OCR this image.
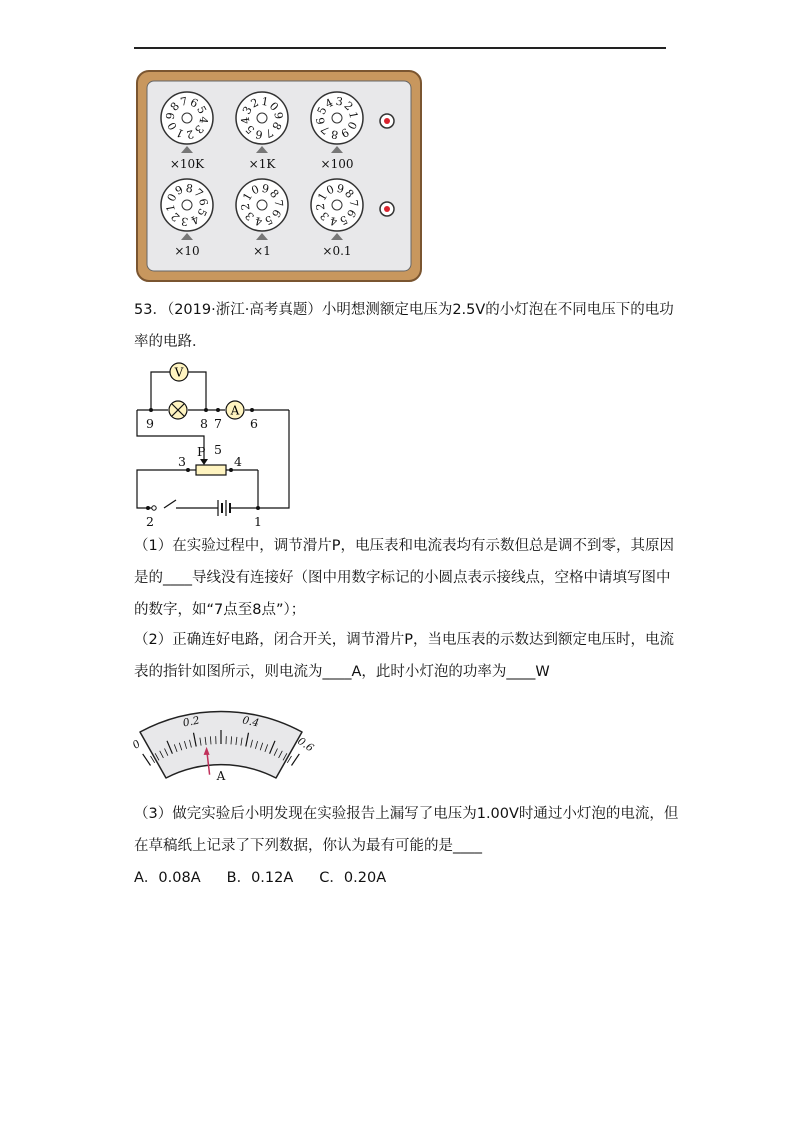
1
0
9
8
7 6
5
4
3
2
×10K
1
0
9
8
7
6
5
4
3
2
×1K
1
0
9
8
7
6
5
4 3
2
×100
1
0
9 8
7
6
5
4
3
2
×10
1
0 9
8
7
6
5
4
3
2
×1
1
0 9
8
7
6
5
4
3
2
×0.1
53．（2019·浙江·高考真题）小明想测额定电压为2.5V的小灯泡在不同电压下的电功
率的电路．
V
A
9	8 7 6
3
5
4
2	1
P
（1）在实验过程中，调节滑片P，电压表和电流表均有示数但总是调不到零，其原因
是的____导线没有连接好（图中用数字标记的小圆点表示接线点，空格中请填写图中
的数字，如“7点至8点”）；
（2）正确连好电路，闭合开关，调节滑片P，当电压表的示数达到额定电压时，电流
表的指针如图所示，则电流为____A，此时小灯泡的功率为____W
0
0.2	0.4
0.6
A
（3）做完实验后小明发现在实验报告上漏写了电压为1.00V时通过小灯泡的电流，但
在草稿纸上记录了下列数据，你认为最有可能的是____
A．0.08A B．0.12A C．0.20A
